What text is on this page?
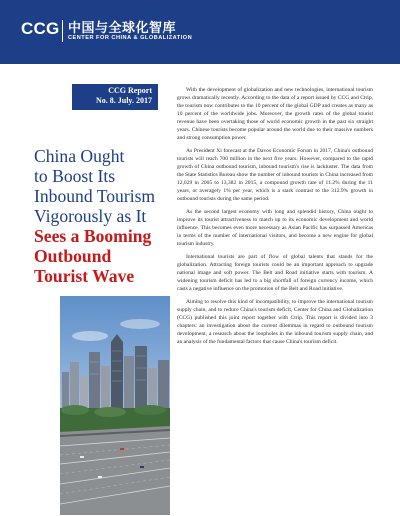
CCG 中国与全球化智库
CENTER FOR CHINA & GLOBALIZATION
CCG Report
No. 8. July. 2017
China Ought
to Boost Its
Inbound Tourism
Vigorously as It
Sees a Booming
Outbound
Tourist Wave

With the development of globalization and new technologies, international tourism grows dramatically recently. According to the data of a report issued by CCG and Ctrip, the tourism now contributes to the 10 percent of the global GDP and creates as many as 10 percent of the worldwide jobs. Moreover, the growth rates of the global tourist revenue have been overtaking those of world economic growth in the past six straight years. Chinese tourists become popular around the world due to their massive numbers and strong consumption power.

As President Xi forecast at the Davos Economic Forum in 2017, China's outbound tourists will reach 700 million in the next five years. However, compared to the rapid growth of China outbound tourism, inbound tourism's rise is lackluster. The data from the State Statistics Bureau show the number of inbound tourists in China increased from 12,029 in 2005 to 13,382 in 2015, a compound growth rate of 11.2% during the 11 years, or averagely 1% per year, which is a stark contrast to the 312.9% growth in outbound tourists during the same period.

As the second largest economy with long and splendid history, China ought to improve its tourist attractiveness to match up to its economic development and world influence. This becomes even more necessary as Asian Pacific has surpassed Americas in terms of the number of international visitors, and become a new engine for global tourism industry.

International tourists are part of flow of global talents that stands for the globalization. Attracting foreign tourists could be an important approach to upgrade national image and soft power. The Belt and Road initiative starts with tourism. A widening tourism deficit has led to a big shortfall of foreign currency income, which casts a negative influence on the promotion of the Belt and Road initiative.

Aiming to resolve this kind of incompatibility, to improve the international tourism supply chain, and to reduce China's tourism deficit, Center for China and Globalization (CCG) published this joint report together with Ctrip. This report is divided into 3 chapters: an investigation about the current dilemmas in regard to outbound tourism development, a research about the loopholes in the inbound tourism supply chain, and an analysis of the fundamental factors that cause China's tourism deficit.
